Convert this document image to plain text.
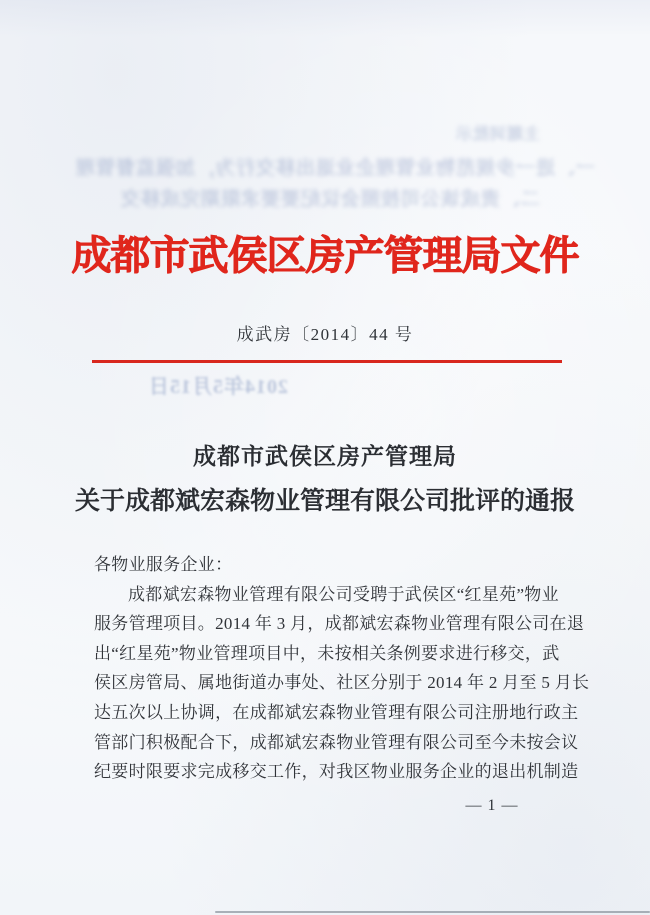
主题词批示
一、进一步规范物业管理企业退出移交行为，加强监督管理
二、责成该公司按照会议纪要要求限期完成移交
成都市武侯区房产管理局文件
成武房〔2014〕44 号
2014年5月15日
成都市武侯区房产管理局
关于成都斌宏森物业管理有限公司批评的通报
各物业服务企业：
成都斌宏森物业管理有限公司受聘于武侯区“红星苑”物业
服务管理项目。2014 年 3 月，成都斌宏森物业管理有限公司在退
出“红星苑”物业管理项目中，未按相关条例要求进行移交，武
侯区房管局、属地街道办事处、社区分别于 2014 年 2 月至 5 月长
达五次以上协调，在成都斌宏森物业管理有限公司注册地行政主
管部门积极配合下，成都斌宏森物业管理有限公司至今未按会议
纪要时限要求完成移交工作，对我区物业服务企业的退出机制造
— 1 —
